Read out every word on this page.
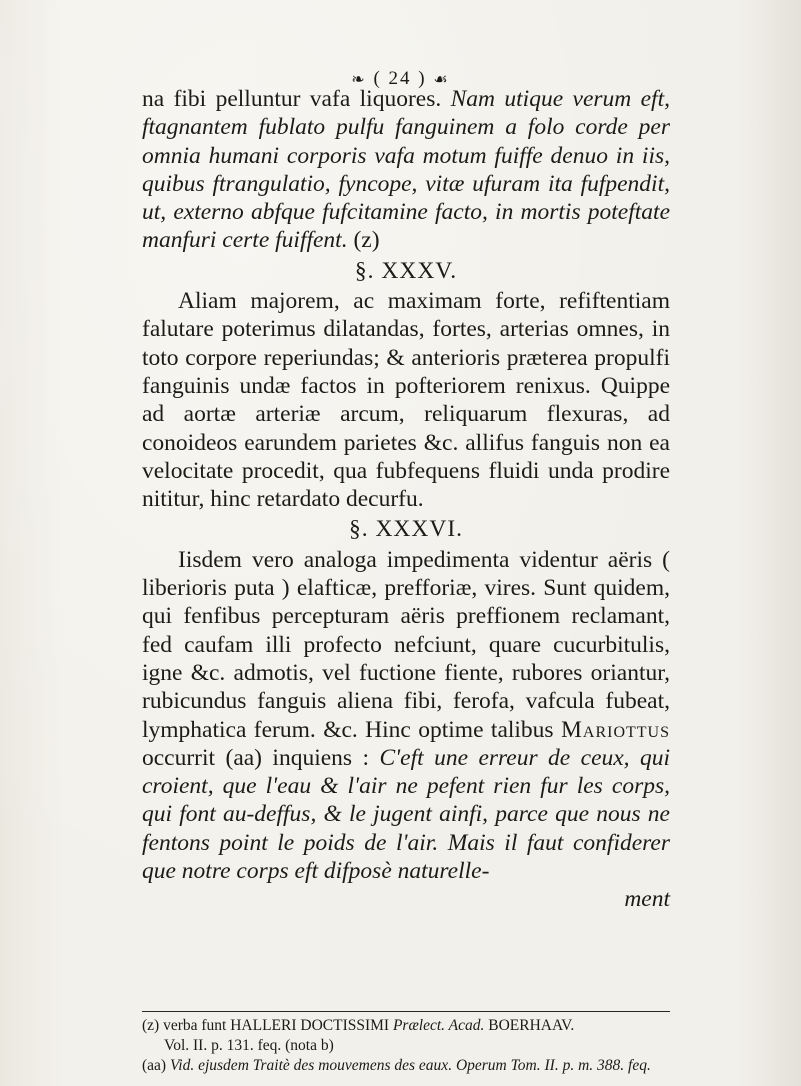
❧ ( 24 ) ☙

na fibi pelluntur vafa liquores. Nam utique verum eft, ftagnantem fublato pulfu fanguinem a folo corde per omnia humani corporis vafa motum fuiffe denuo in iis, quibus ftrangulatio, fyncope, vitæ ufuram ita fufpendit, ut, externo abfque fufcitamine facto, in mortis poteftate manfuri certe fuiffent. (z)

§. XXXV.

Aliam majorem, ac maximam forte, refiftentiam falutare poterimus dilatandas, fortes, arterias omnes, in toto corpore reperiundas; & anterioris præterea propulfi fanguinis undæ factos in pofteriorem renixus. Quippe ad aortæ arteriæ arcum, reliquarum flexuras, ad conoideos earundem parietes &c. allifus fanguis non ea velocitate procedit, qua fubfequens fluidi unda prodire nititur, hinc retardato decurfu.

§. XXXVI.

Iisdem vero analoga impedimenta videntur aëris ( liberioris puta ) elafticæ, prefforiæ, vires. Sunt quidem, qui fenfibus percepturam aëris preffionem reclamant, fed caufam illi profecto nefciunt, quare cucurbitulis, igne &c. admotis, vel fuctione fiente, rubores oriantur, rubicundus fanguis aliena fibi, ferofa, vafcula fubeat, lymphatica ferum. &c. Hinc optime talibus Mariottus occurrit (aa) inquiens : C'eft une erreur de ceux, qui croient, que l'eau & l'air ne pefent rien fur les corps, qui font au-deffus, & le jugent ainfi, parce que nous ne fentons point le poids de l'air. Mais il faut confiderer que notre corps eft difposè naturelle-

ment

(z) verba funt HALLERI DOCTISSIMI Prælect. Acad. BOERHAAV.

Vol. II. p. 131. feq. (nota b)

(aa) Vid. ejusdem Traitè des mouvemens des eaux. Operum Tom. II. p. m. 388. feq.
